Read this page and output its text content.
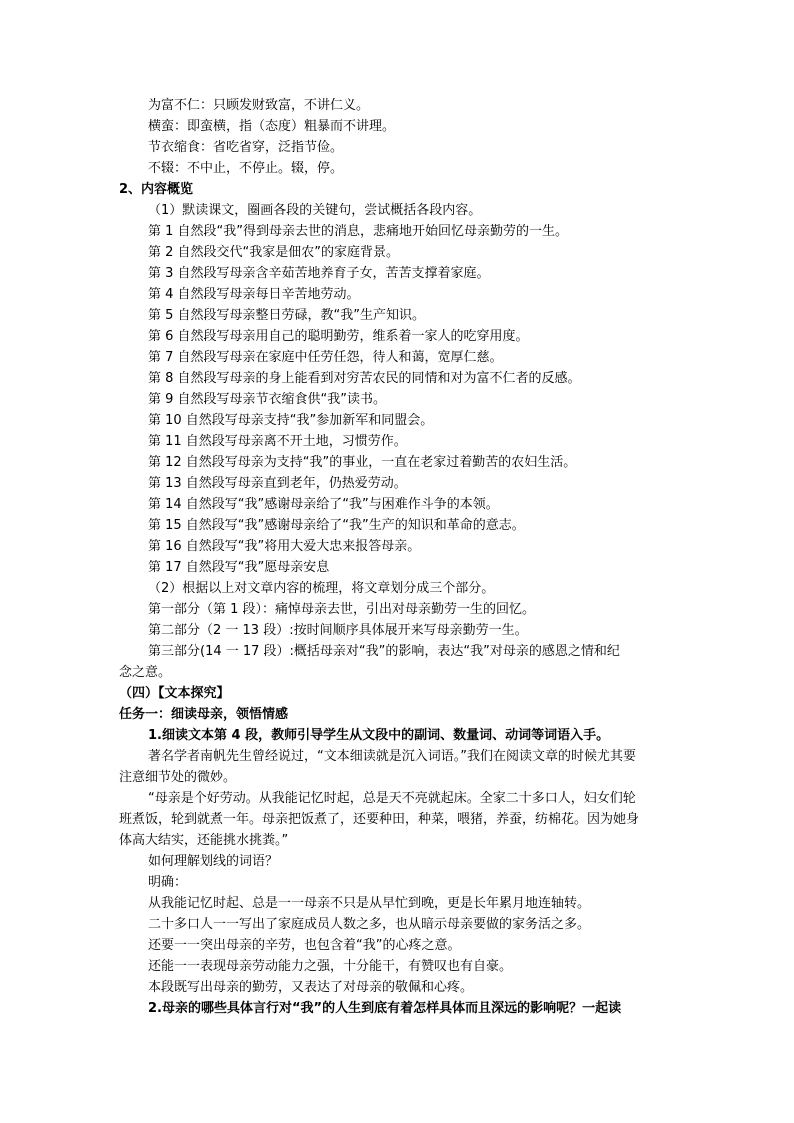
为富不仁：只顾发财致富，不讲仁义。
横蛮：即蛮横，指（态度）粗暴而不讲理。
节衣缩食：省吃省穿，泛指节俭。
不辍：不中止，不停止。辍，停。
2、内容概览
（1）默读课文，圈画各段的关键句，尝试概括各段内容。
第 1 自然段“我”得到母亲去世的消息，悲痛地开始回忆母亲勤劳的一生。
第 2 自然段交代“我家是佃农”的家庭背景。
第 3 自然段写母亲含辛茹苦地养育子女，苦苦支撑着家庭。
第 4 自然段写母亲每日辛苦地劳动。
第 5 自然段写母亲整日劳碌，教“我”生产知识。
第 6 自然段写母亲用自己的聪明勤劳，维系着一家人的吃穿用度。
第 7 自然段写母亲在家庭中任劳任怨，待人和蔼，宽厚仁慈。
第 8 自然段写母亲的身上能看到对穷苦农民的同情和对为富不仁者的反感。
第 9 自然段写母亲节衣缩食供“我”读书。
第 10 自然段写母亲支持“我”参加新军和同盟会。
第 11 自然段写母亲离不开土地，习惯劳作。
第 12 自然段写母亲为支持“我”的事业，一直在老家过着勤苦的农妇生活。
第 13 自然段写母亲直到老年，仍热爱劳动。
第 14 自然段写“我”感谢母亲给了“我”与困难作斗争的本领。
第 15 自然段写“我”感谢母亲给了“我”生产的知识和革命的意志。
第 16 自然段写“我”将用大爱大忠来报答母亲。
第 17 自然段写“我”愿母亲安息
（2）根据以上对文章内容的梳理，将文章划分成三个部分。
第一部分（第 1 段）：痛悼母亲去世，引出对母亲勤劳一生的回忆。
第二部分（2 一 13 段）:按时间顺序具体展开来写母亲勤劳一生。
第三部分(14 一 17 段）:概括母亲对“我”的影响，表达“我”对母亲的感恩之情和纪
念之意。
（四）【文本探究】
任务一：细读母亲，领悟情感
1.细读文本第 4 段，教师引导学生从文段中的副词、数量词、动词等词语入手。
著名学者南帆先生曾经说过，“文本细读就是沉入词语。”我们在阅读文章的时候尤其要
注意细节处的微妙。
“母亲是个好劳动。从我能记忆时起，总是天不亮就起床。全家二十多口人，妇女们轮
班煮饭，轮到就煮一年。母亲把饭煮了，还要种田，种菜，喂猪，养蚕，纺棉花。因为她身
体高大结实，还能挑水挑粪。”
如何理解划线的词语？
明确：
从我能记忆时起、总是一一母亲不只是从早忙到晚，更是长年累月地连轴转。
二十多口人一一写出了家庭成员人数之多，也从暗示母亲要做的家务活之多。
还要一一突出母亲的辛劳，也包含着“我”的心疼之意。
还能一一表现母亲劳动能力之强，十分能干，有赞叹也有自豪。
本段既写出母亲的勤劳，又表达了对母亲的敬佩和心疼。
2.母亲的哪些具体言行对“我”的人生到底有着怎样具体而且深远的影响呢？一起读
